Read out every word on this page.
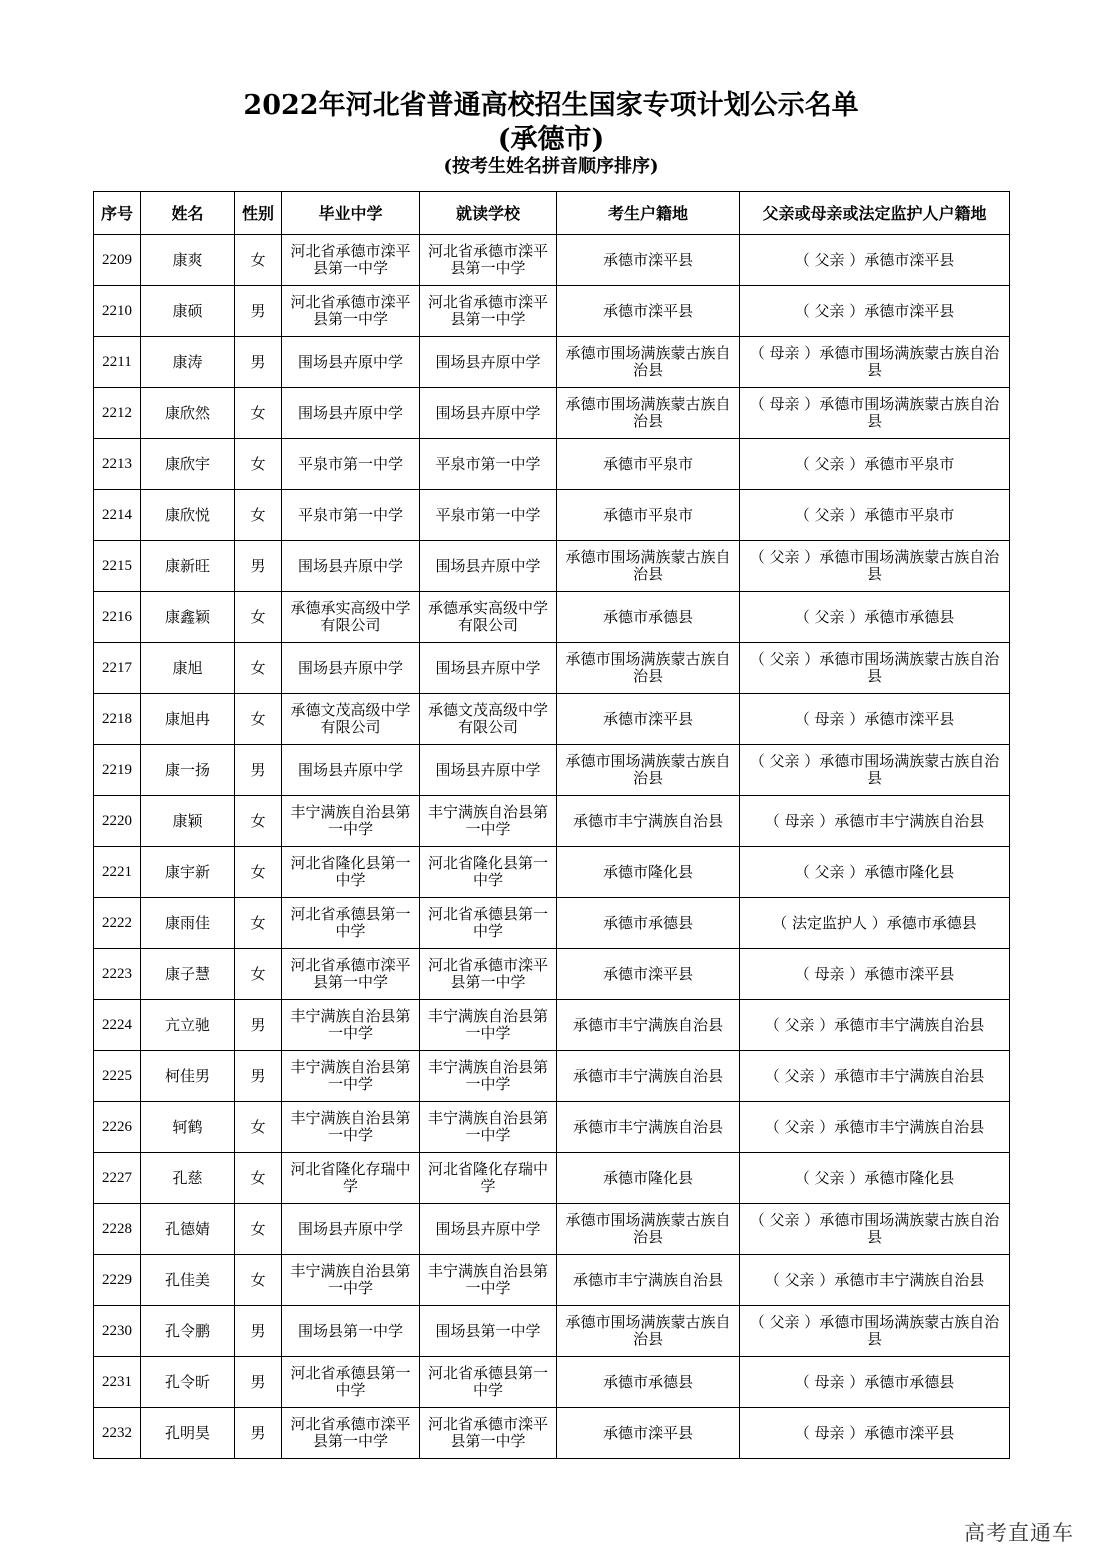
2022年河北省普通高校招生国家专项计划公示名单
(承德市)
(按考生姓名拼音顺序排序)
序号	姓名	性别	毕业中学	就读学校	考生户籍地	父亲或母亲或法定监护人户籍地
2209	康爽	女	河北省承德市滦平县第一中学	河北省承德市滦平县第一中学	承德市滦平县	（ 父亲 ）承德市滦平县
2210	康硕	男	河北省承德市滦平县第一中学	河北省承德市滦平县第一中学	承德市滦平县	（ 父亲 ）承德市滦平县
2211	康涛	男	围场县卉原中学	围场县卉原中学	承德市围场满族蒙古族自治县	（ 母亲 ）承德市围场满族蒙古族自治县
2212	康欣然	女	围场县卉原中学	围场县卉原中学	承德市围场满族蒙古族自治县	（ 母亲 ）承德市围场满族蒙古族自治县
2213	康欣宇	女	平泉市第一中学	平泉市第一中学	承德市平泉市	（ 父亲 ）承德市平泉市
2214	康欣悦	女	平泉市第一中学	平泉市第一中学	承德市平泉市	（ 父亲 ）承德市平泉市
2215	康新旺	男	围场县卉原中学	围场县卉原中学	承德市围场满族蒙古族自治县	（ 父亲 ）承德市围场满族蒙古族自治县
2216	康鑫颖	女	承德承实高级中学有限公司	承德承实高级中学有限公司	承德市承德县	（ 父亲 ）承德市承德县
2217	康旭	女	围场县卉原中学	围场县卉原中学	承德市围场满族蒙古族自治县	（ 父亲 ）承德市围场满族蒙古族自治县
2218	康旭冉	女	承德文茂高级中学有限公司	承德文茂高级中学有限公司	承德市滦平县	（ 母亲 ）承德市滦平县
2219	康一扬	男	围场县卉原中学	围场县卉原中学	承德市围场满族蒙古族自治县	（ 父亲 ）承德市围场满族蒙古族自治县
2220	康颖	女	丰宁满族自治县第一中学	丰宁满族自治县第一中学	承德市丰宁满族自治县	（ 母亲 ）承德市丰宁满族自治县
2221	康宇新	女	河北省隆化县第一中学	河北省隆化县第一中学	承德市隆化县	（ 父亲 ）承德市隆化县
2222	康雨佳	女	河北省承德县第一中学	河北省承德县第一中学	承德市承德县	（ 法定监护人 ）承德市承德县
2223	康子慧	女	河北省承德市滦平县第一中学	河北省承德市滦平县第一中学	承德市滦平县	（ 母亲 ）承德市滦平县
2224	亢立驰	男	丰宁满族自治县第一中学	丰宁满族自治县第一中学	承德市丰宁满族自治县	（ 父亲 ）承德市丰宁满族自治县
2225	柯佳男	男	丰宁满族自治县第一中学	丰宁满族自治县第一中学	承德市丰宁满族自治县	（ 父亲 ）承德市丰宁满族自治县
2226	轲鹤	女	丰宁满族自治县第一中学	丰宁满族自治县第一中学	承德市丰宁满族自治县	（ 父亲 ）承德市丰宁满族自治县
2227	孔慈	女	河北省隆化存瑞中学	河北省隆化存瑞中学	承德市隆化县	（ 父亲 ）承德市隆化县
2228	孔德婧	女	围场县卉原中学	围场县卉原中学	承德市围场满族蒙古族自治县	（ 父亲 ）承德市围场满族蒙古族自治县
2229	孔佳美	女	丰宁满族自治县第一中学	丰宁满族自治县第一中学	承德市丰宁满族自治县	（ 父亲 ）承德市丰宁满族自治县
2230	孔令鹏	男	围场县第一中学	围场县第一中学	承德市围场满族蒙古族自治县	（ 父亲 ）承德市围场满族蒙古族自治县
2231	孔令昕	男	河北省承德县第一中学	河北省承德县第一中学	承德市承德县	（ 母亲 ）承德市承德县
2232	孔明昊	男	河北省承德市滦平县第一中学	河北省承德市滦平县第一中学	承德市滦平县	（ 母亲 ）承德市滦平县
高考直通车
